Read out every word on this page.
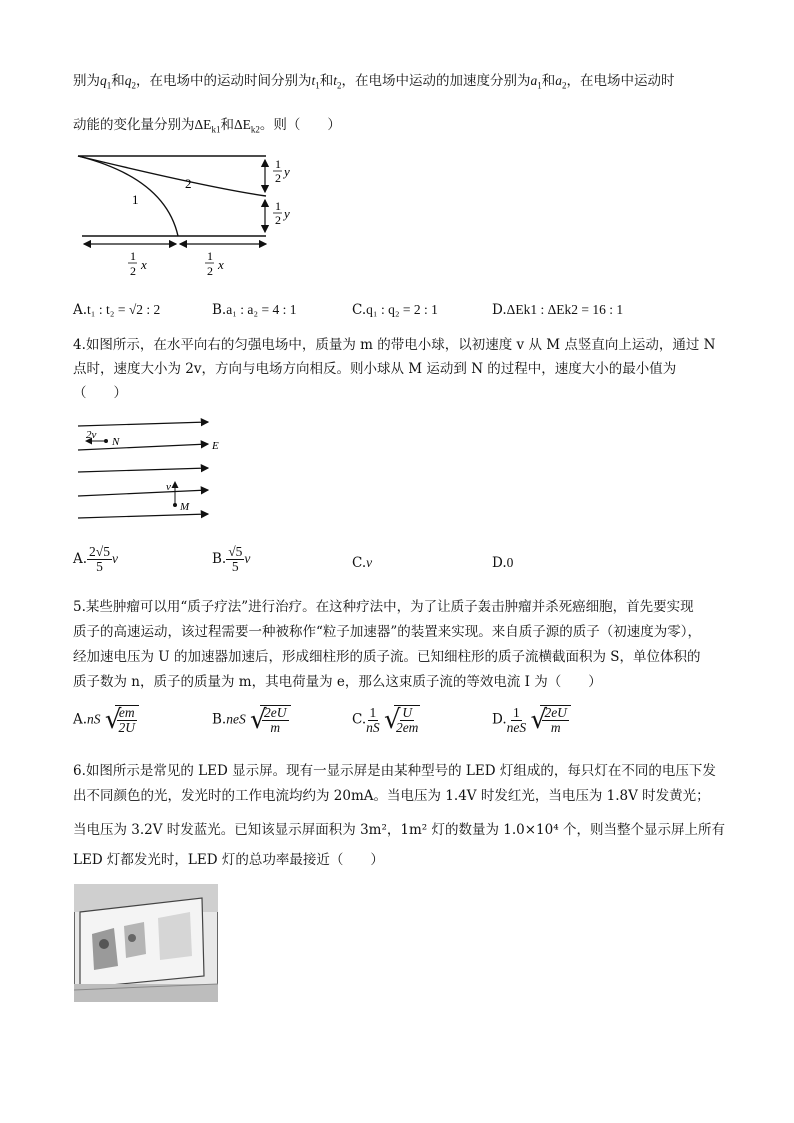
别为$q_1$和$q_2$，在电场中的运动时间分别为$t_1$和$t_2$，在电场中运动的加速度分别为$a_1$和$a_2$，在电场中运动时
动能的变化量分别为$\Delta E_{k1}$和$\Delta E_{k2}$。则（　　）
2
1
1
2 y
1
2 y
1
2 x
1
2 x
A.t₁ : t₂ = √2 : 2	B.a₁ : a₂ = 4 : 1	C.q₁ : q₂ = 2 : 1	D.ΔEk1 : ΔEk2 = 16 : 1
4.如图所示，在水平向右的匀强电场中，质量为 m 的带电小球，以初速度 v 从 M 点竖直向上运动，通过 N
点时，速度大小为 2v，方向与电场方向相反。则小球从 M 运动到 N 的过程中，速度大小的最小值为
（　　）
2v
N	E
v
M
A. $\frac{2√5}{5}$ v	B. $\frac{√5}{5}$ v	C.v	D.0
5.某些肿瘤可以用“质子疗法”进行治疗。在这种疗法中，为了让质子轰击肿瘤并杀死癌细胞，首先要实现
质子的高速运动，该过程需要一种被称作“粒子加速器”的装置来实现。来自质子源的质子（初速度为零），
经加速电压为 U 的加速器加速后，形成细柱形的质子流。已知细柱形的质子流横截面积为 S，单位体积的
质子数为 n，质子的质量为 m，其电荷量为 e，那么这束质子流的等效电流 I 为（　　）
A.nS √
$\frac{em}{2U}$	B.neS √
$\frac{2eU}{m}$	C. $\frac{1}{nS}$
√
$\frac{U}{2em}$	D. $\frac{1}{\text{neS}}$
√
$\frac{2eU}{m}$
6.如图所示是常见的 LED 显示屏。现有一显示屏是由某种型号的 LED 灯组成的，每只灯在不同的电压下发
出不同颜色的光，发光时的工作电流均约为 20mA。当电压为 1.4V 时发红光，当电压为 1.8V 时发黄光；
当电压为 3.2V 时发蓝光。已知该显示屏面积为 3m²，1m² 灯的数量为 1.0×10⁴ 个，则当整个显示屏上所有
LED 灯都发光时，LED 灯的总功率最接近（　　）
